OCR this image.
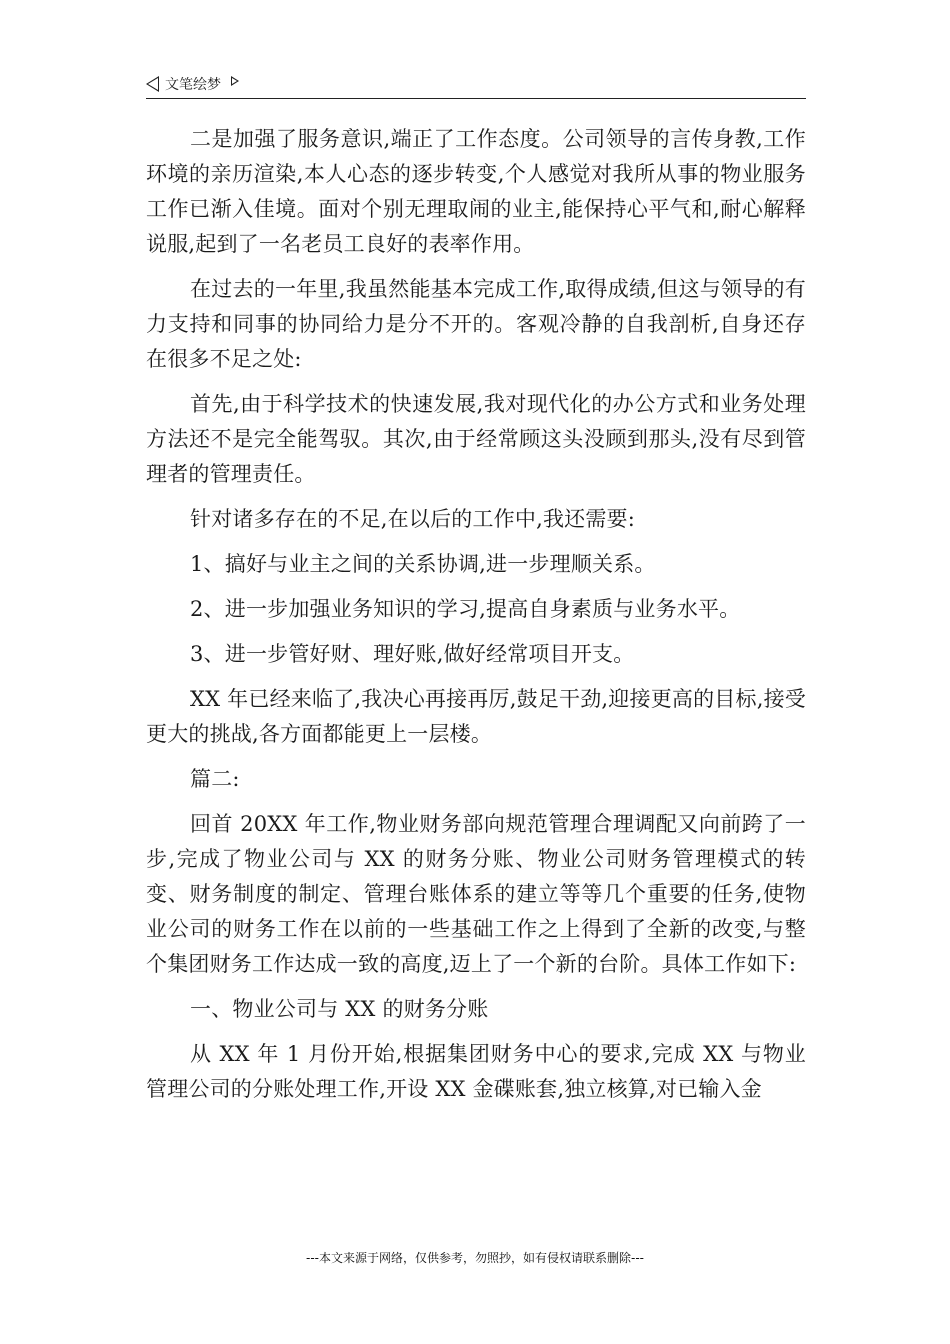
文笔绘梦

二是加强了服务意识,端正了工作态度。公司领导的言传身教,工作环境的亲历渲染,本人心态的逐步转变,个人感觉对我所从事的物业服务工作已渐入佳境。面对个别无理取闹的业主,能保持心平气和,耐心解释说服,起到了一名老员工良好的表率作用。

在过去的一年里,我虽然能基本完成工作,取得成绩,但这与领导的有力支持和同事的协同给力是分不开的。客观冷静的自我剖析,自身还存在很多不足之处:

首先,由于科学技术的快速发展,我对现代化的办公方式和业务处理方法还不是完全能驾驭。其次,由于经常顾这头没顾到那头,没有尽到管理者的管理责任。

针对诸多存在的不足,在以后的工作中,我还需要:

1、搞好与业主之间的关系协调,进一步理顺关系。

2、进一步加强业务知识的学习,提高自身素质与业务水平。

3、进一步管好财、理好账,做好经常项目开支。

XX 年已经来临了,我决心再接再厉,鼓足干劲,迎接更高的目标,接受更大的挑战,各方面都能更上一层楼。

篇二:

回首 20XX 年工作,物业财务部向规范管理合理调配又向前跨了一步,完成了物业公司与 XX 的财务分账、物业公司财务管理模式的转变、财务制度的制定、管理台账体系的建立等等几个重要的任务,使物业公司的财务工作在以前的一些基础工作之上得到了全新的改变,与整个集团财务工作达成一致的高度,迈上了一个新的台阶。具体工作如下:

一、物业公司与 XX 的财务分账

从 XX 年 1 月份开始,根据集团财务中心的要求,完成 XX 与物业管理公司的分账处理工作,开设 XX 金碟账套,独立核算,对已输入金

---本文来源于网络，仅供参考，勿照抄，如有侵权请联系删除---
